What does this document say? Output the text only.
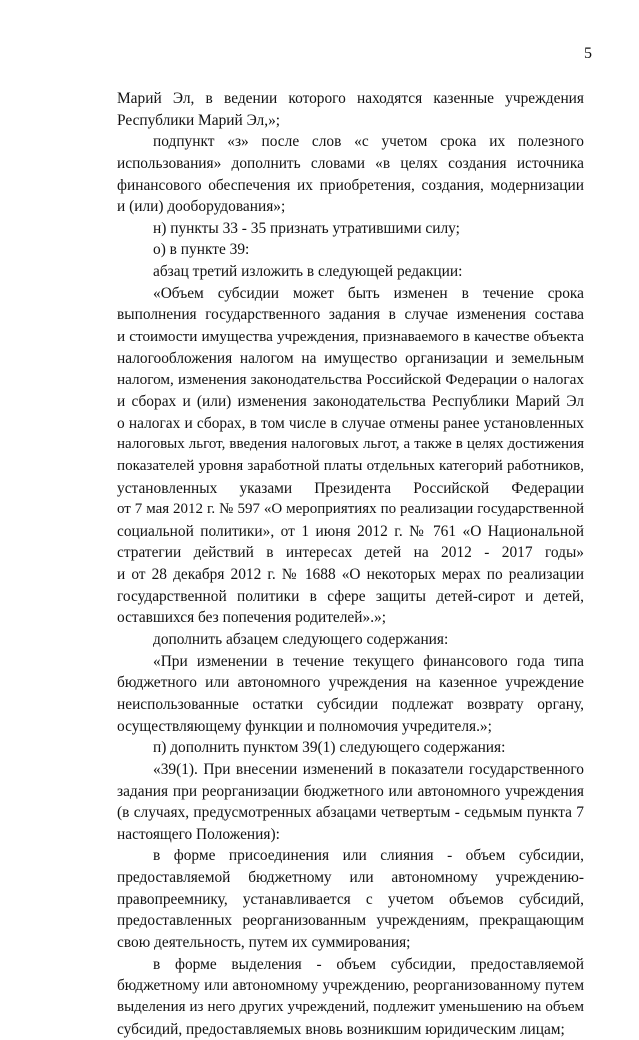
5
Марий Эл, в ведении которого находятся казенные учреждения
Республики Марий Эл,»;
подпункт «з» после слов «с учетом срока их полезного
использования» дополнить словами «в целях создания источника
финансового обеспечения их приобретения, создания, модернизации
и (или) дооборудования»;
н) пункты 33 - 35 признать утратившими силу;
о) в пункте 39:
абзац третий изложить в следующей редакции:
«Объем субсидии может быть изменен в течение срока
выполнения государственного задания в случае изменения состава
и стоимости имущества учреждения, признаваемого в качестве объекта
налогообложения налогом на имущество организации и земельным
налогом, изменения законодательства Российской Федерации о налогах
и сборах и (или) изменения законодательства Республики Марий Эл
о налогах и сборах, в том числе в случае отмены ранее установленных
налоговых льгот, введения налоговых льгот, а также в целях достижения
показателей уровня заработной платы отдельных категорий работников,
установленных указами Президента Российской Федерации
от 7 мая 2012 г. № 597 «О мероприятиях по реализации государственной
социальной политики», от 1 июня 2012 г. № 761 «О Национальной
стратегии действий в интересах детей на 2012 - 2017 годы»
и от 28 декабря 2012 г. № 1688 «О некоторых мерах по реализации
государственной политики в сфере защиты детей-сирот и детей,
оставшихся без попечения родителей».»;
дополнить абзацем следующего содержания:
«При изменении в течение текущего финансового года типа
бюджетного или автономного учреждения на казенное учреждение
неиспользованные остатки субсидии подлежат возврату органу,
осуществляющему функции и полномочия учредителя.»;
п) дополнить пунктом 39(1) следующего содержания:
«39(1). При внесении изменений в показатели государственного
задания при реорганизации бюджетного или автономного учреждения
(в случаях, предусмотренных абзацами четвертым - седьмым пункта 7
настоящего Положения):
в форме присоединения или слияния - объем субсидии,
предоставляемой бюджетному или автономному учреждению-
правопреемнику, устанавливается с учетом объемов субсидий,
предоставленных реорганизованным учреждениям, прекращающим
свою деятельность, путем их суммирования;
в форме выделения - объем субсидии, предоставляемой
бюджетному или автономному учреждению, реорганизованному путем
выделения из него других учреждений, подлежит уменьшению на объем
субсидий, предоставляемых вновь возникшим юридическим лицам;
